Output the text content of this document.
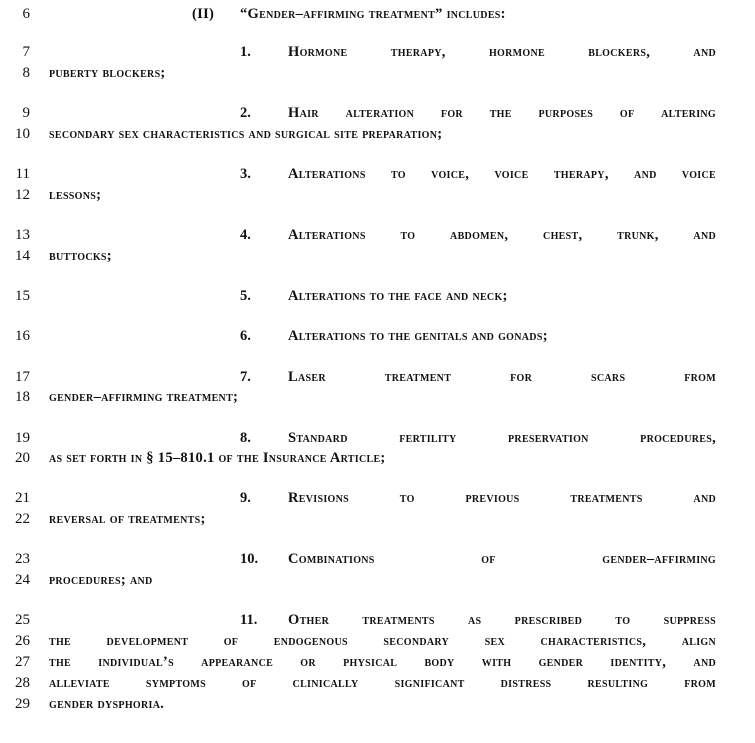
6	(II) “Gender–affirming treatment” includes:
7	1.	Hormone therapy, hormone blockers, and
8 puberty blockers;
9	2.	Hair alteration for the purposes of altering
10 secondary sex characteristics and surgical site preparation;
11	3.	Alterations to voice, voice therapy, and voice
12 lessons;
13	4.	Alterations to abdomen, chest, trunk, and
14 buttocks;
15	5.	Alterations to the face and neck;
16	6.	Alterations to the genitals and gonads;
17	7.	Laser treatment for scars from
18 gender–affirming treatment;
19	8.	Standard fertility preservation procedures,
20 as set forth in § 15–810.1 of the Insurance Article;
21	9.	Revisions to previous treatments and
22 reversal of treatments;
23	10. Combinations of gender–affirming
24 procedures; and
25	11. Other treatments as prescribed to suppress
26 the development of endogenous secondary sex characteristics, align
27 the individual’s appearance or physical body with gender identity, and
28 alleviate symptoms of clinically significant distress resulting from
29 gender dysphoria.
